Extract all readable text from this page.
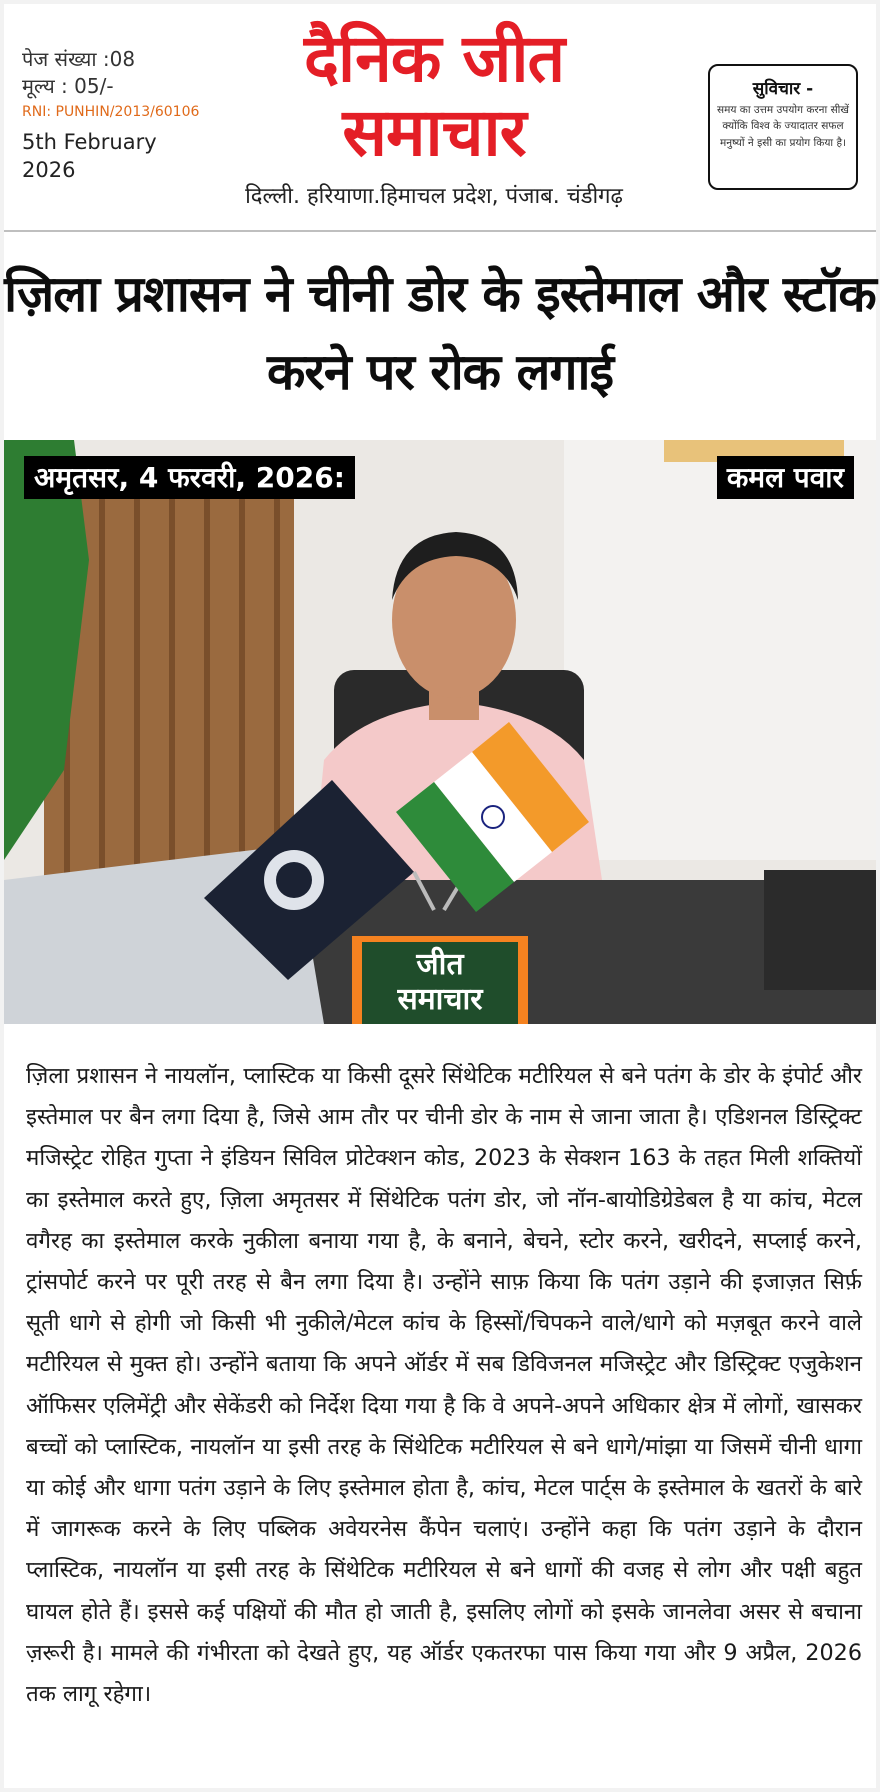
पेज संख्या :08
मूल्य : 05/-
RNI: PUNHIN/2013/60106
5th February 2026
दैनिक जीत
समाचार
दिल्ली. हरियाणा.हिमाचल प्रदेश, पंजाब. चंडीगढ़
सुविचार -
समय का उत्तम उपयोग करना सीखें क्योंकि विश्व के ज्यादातर सफल मनुष्यों ने इसी का प्रयोग किया है।
ज़िला प्रशासन ने चीनी डोर के इस्तेमाल और स्टॉक करने पर रोक लगाई
अमृतसर, 4 फरवरी, 2026:	कमल पवार
जीत
समाचार
ज़िला प्रशासन ने नायलॉन, प्लास्टिक या किसी दूसरे सिंथेटिक मटीरियल से बने पतंग के डोर के इंपोर्ट और इस्तेमाल पर बैन लगा दिया है, जिसे आम तौर पर चीनी डोर के नाम से जाना जाता है। एडिशनल डिस्ट्रिक्ट मजिस्ट्रेट रोहित गुप्ता ने इंडियन सिविल प्रोटेक्शन कोड, 2023 के सेक्शन 163 के तहत मिली शक्तियों का इस्तेमाल करते हुए, ज़िला अमृतसर में सिंथेटिक पतंग डोर, जो नॉन-बायोडिग्रेडेबल है या कांच, मेटल वगैरह का इस्तेमाल करके नुकीला बनाया गया है, के बनाने, बेचने, स्टोर करने, खरीदने, सप्लाई करने, ट्रांसपोर्ट करने पर पूरी तरह से बैन लगा दिया है। उन्होंने साफ़ किया कि पतंग उड़ाने की इजाज़त सिर्फ़ सूती धागे से होगी जो किसी भी नुकीले/मेटल कांच के हिस्सों/चिपकने वाले/धागे को मज़बूत करने वाले मटीरियल से मुक्त हो। उन्होंने बताया कि अपने ऑर्डर में सब डिविजनल मजिस्ट्रेट और डिस्ट्रिक्ट एजुकेशन ऑफिसर एलिमेंट्री और सेकेंडरी को निर्देश दिया गया है कि वे अपने-अपने अधिकार क्षेत्र में लोगों, खासकर बच्चों को प्लास्टिक, नायलॉन या इसी तरह के सिंथेटिक मटीरियल से बने धागे/मांझा या जिसमें चीनी धागा या कोई और धागा पतंग उड़ाने के लिए इस्तेमाल होता है, कांच, मेटल पार्ट्स के इस्तेमाल के खतरों के बारे में जागरूक करने के लिए पब्लिक अवेयरनेस कैंपेन चलाएं। उन्होंने कहा कि पतंग उड़ाने के दौरान प्लास्टिक, नायलॉन या इसी तरह के सिंथेटिक मटीरियल से बने धागों की वजह से लोग और पक्षी बहुत घायल होते हैं। इससे कई पक्षियों की मौत हो जाती है, इसलिए लोगों को इसके जानलेवा असर से बचाना ज़रूरी है। मामले की गंभीरता को देखते हुए, यह ऑर्डर एकतरफा पास किया गया और 9 अप्रैल, 2026 तक लागू रहेगा।
